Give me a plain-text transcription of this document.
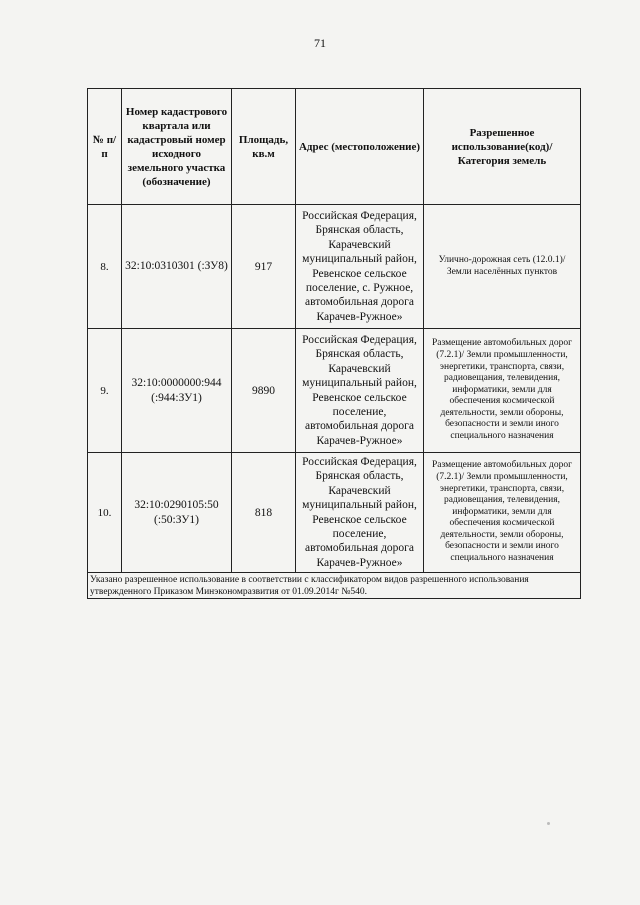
71
№ п/п	Номер кадастрового квартала или кадастровый номер исходного земельного участка (обозначение)	Площадь, кв.м	Адрес (местоположение)	Разрешенное использование(код)/ Категория земель
8.	32:10:0310301 (:ЗУ8)	917	Российская Федерация, Брянская область, Карачевский муниципальный район, Ревенское сельское поселение, с. Ружное, автомобильная дорога Карачев-Ружное»	Улично-дорожная сеть (12.0.1)/ Земли населённых пунктов
9.	32:10:0000000:944 (:944:ЗУ1)	9890	Российская Федерация, Брянская область, Карачевский муниципальный район, Ревенское сельское поселение, автомобильная дорога Карачев-Ружное»	Размещение автомобильных дорог (7.2.1)/ Земли промышленности, энергетики, транспорта, связи, радиовещания, телевидения, информатики, земли для обеспечения космической деятельности, земли обороны, безопасности и земли иного специального назначения
10.	32:10:0290105:50 (:50:ЗУ1)	818	Российская Федерация, Брянская область, Карачевский муниципальный район, Ревенское сельское поселение, автомобильная дорога Карачев-Ружное»	Размещение автомобильных дорог (7.2.1)/ Земли промышленности, энергетики, транспорта, связи, радиовещания, телевидения, информатики, земли для обеспечения космической деятельности, земли обороны, безопасности и земли иного специального назначения
Указано разрешенное использование в соответствии с классификатором видов разрешенного использования утвержденного Приказом Минэкономразвития от 01.09.2014г №540.				
